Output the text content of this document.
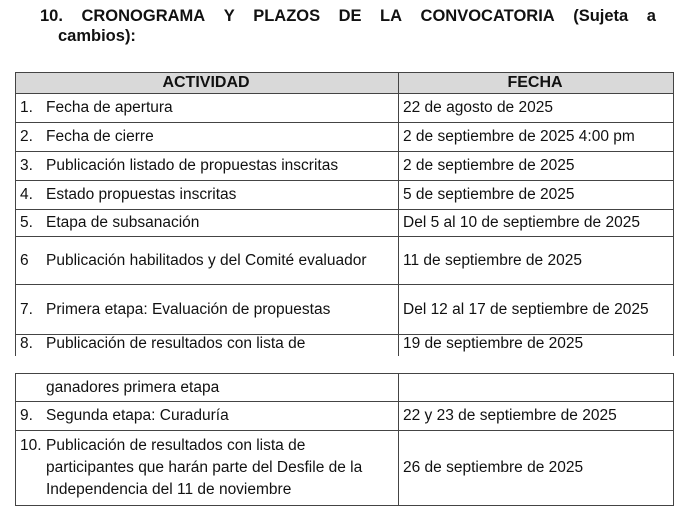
10. CRONOGRAMA Y PLAZOS DE LA CONVOCATORIA (Sujeta a
cambios):
ACTIVIDAD	FECHA

1. Fecha de apertura	22 de agosto de 2025

2. Fecha de cierre	2 de septiembre de 2025 4:00 pm

3. Publicación listado de propuestas inscritas	2 de septiembre de 2025

4. Estado propuestas inscritas	5 de septiembre de 2025

5. Etapa de subsanación	Del 5 al 10 de septiembre de 2025

6 Publicación habilitados y del Comité evaluador	11 de septiembre de 2025

7. Primera etapa: Evaluación de propuestas	Del 12 al 17 de septiembre de 2025

8. Publicación de resultados con lista de	19 de septiembre de 2025
ganadores primera etapa	

9. Segunda etapa: Curaduría	22 y 23 de septiembre de 2025

10. Publicación de resultados con lista de participantes que harán parte del Desfile de la Independencia del 11 de noviembre	26 de septiembre de 2025
